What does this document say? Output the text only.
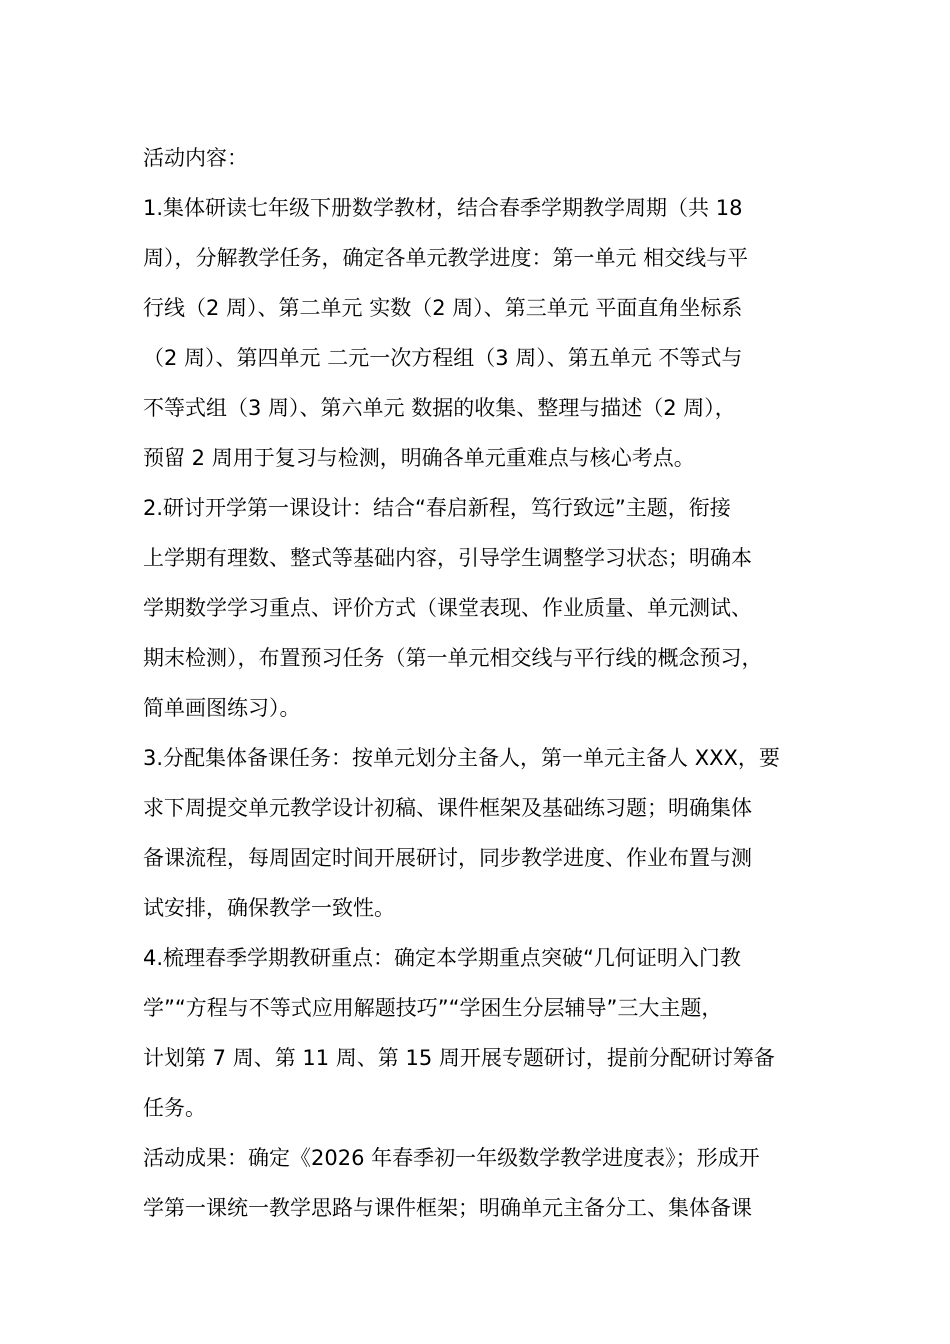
活动内容：
1.集体研读七年级下册数学教材，结合春季学期教学周期（共 18
周），分解教学任务，确定各单元教学进度：第一单元 相交线与平
行线（2 周）、第二单元 实数（2 周）、第三单元 平面直角坐标系
（2 周）、第四单元 二元一次方程组（3 周）、第五单元 不等式与
不等式组（3 周）、第六单元 数据的收集、整理与描述（2 周），
预留 2 周用于复习与检测，明确各单元重难点与核心考点。
2.研讨开学第一课设计：结合“春启新程，笃行致远”主题，衔接
上学期有理数、整式等基础内容，引导学生调整学习状态；明确本
学期数学学习重点、评价方式（课堂表现、作业质量、单元测试、
期末检测），布置预习任务（第一单元相交线与平行线的概念预习，
简单画图练习）。
3.分配集体备课任务：按单元划分主备人，第一单元主备人 XXX，要
求下周提交单元教学设计初稿、课件框架及基础练习题；明确集体
备课流程，每周固定时间开展研讨，同步教学进度、作业布置与测
试安排，确保教学一致性。
4.梳理春季学期教研重点：确定本学期重点突破“几何证明入门教
学”“方程与不等式应用解题技巧”“学困生分层辅导”三大主题，
计划第 7 周、第 11 周、第 15 周开展专题研讨，提前分配研讨筹备
任务。
活动成果：确定《2026 年春季初一年级数学教学进度表》；形成开
学第一课统一教学思路与课件框架；明确单元主备分工、集体备课
